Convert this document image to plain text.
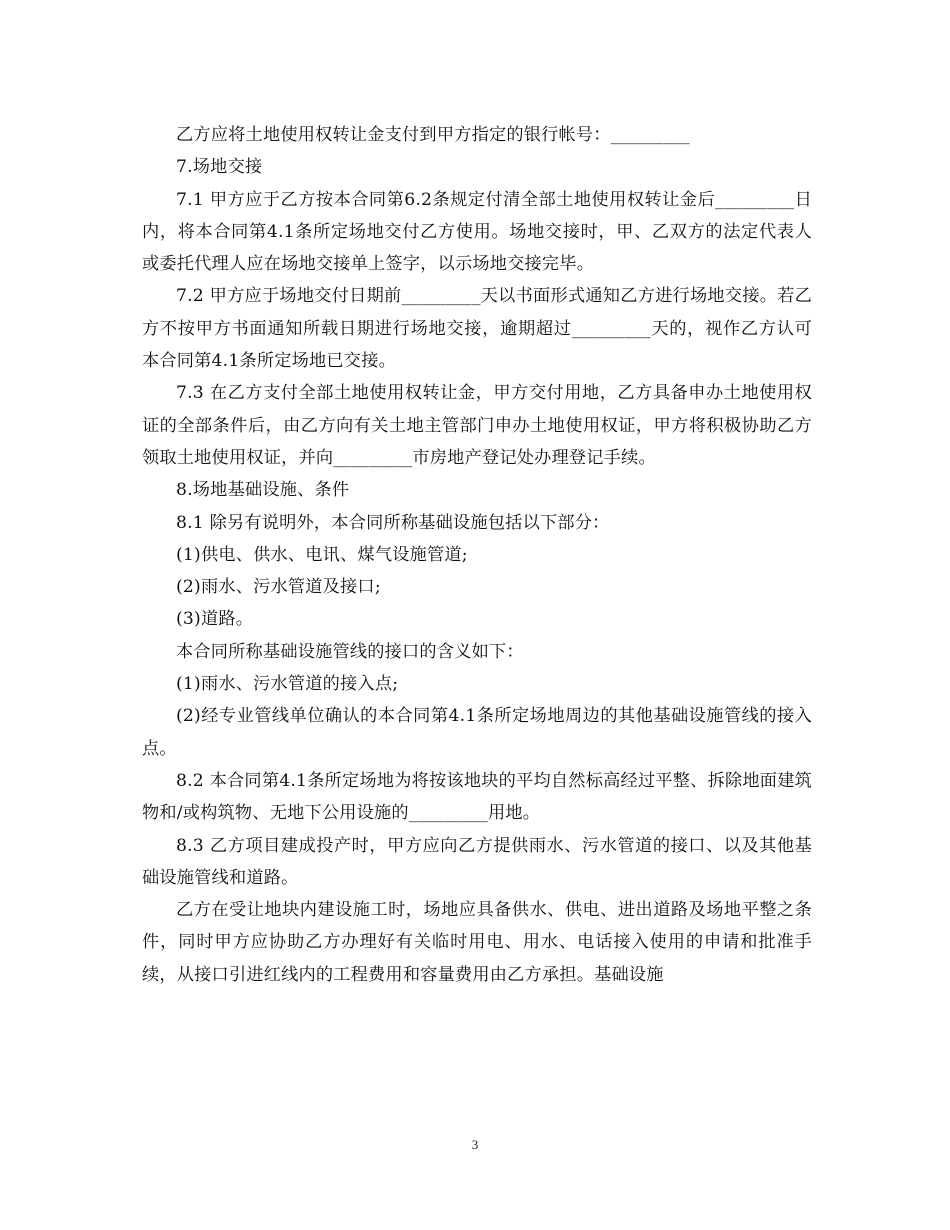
乙方应将土地使用权转让金支付到甲方指定的银行帐号：_________

7.场地交接

7.1 甲方应于乙方按本合同第6.2条规定付清全部土地使用权转让金后_________日内，将本合同第4.1条所定场地交付乙方使用。场地交接时，甲、乙双方的法定代表人或委托代理人应在场地交接单上签字，以示场地交接完毕。

7.2 甲方应于场地交付日期前_________天以书面形式通知乙方进行场地交接。若乙方不按甲方书面通知所载日期进行场地交接，逾期超过_________天的，视作乙方认可本合同第4.1条所定场地已交接。

7.3 在乙方支付全部土地使用权转让金，甲方交付用地，乙方具备申办土地使用权证的全部条件后，由乙方向有关土地主管部门申办土地使用权证，甲方将积极协助乙方领取土地使用权证，并向_________市房地产登记处办理登记手续。

8.场地基础设施、条件

8.1 除另有说明外，本合同所称基础设施包括以下部分：

(1)供电、供水、电讯、煤气设施管道;

(2)雨水、污水管道及接口;

(3)道路。

本合同所称基础设施管线的接口的含义如下：

(1)雨水、污水管道的接入点;

(2)经专业管线单位确认的本合同第4.1条所定场地周边的其他基础设施管线的接入点。

8.2 本合同第4.1条所定场地为将按该地块的平均自然标高经过平整、拆除地面建筑物和/或构筑物、无地下公用设施的_________用地。

8.3 乙方项目建成投产时，甲方应向乙方提供雨水、污水管道的接口、以及其他基础设施管线和道路。

乙方在受让地块内建设施工时，场地应具备供水、供电、进出道路及场地平整之条件，同时甲方应协助乙方办理好有关临时用电、用水、电话接入使用的申请和批准手续，从接口引进红线内的工程费用和容量费用由乙方承担。基础设施

3
